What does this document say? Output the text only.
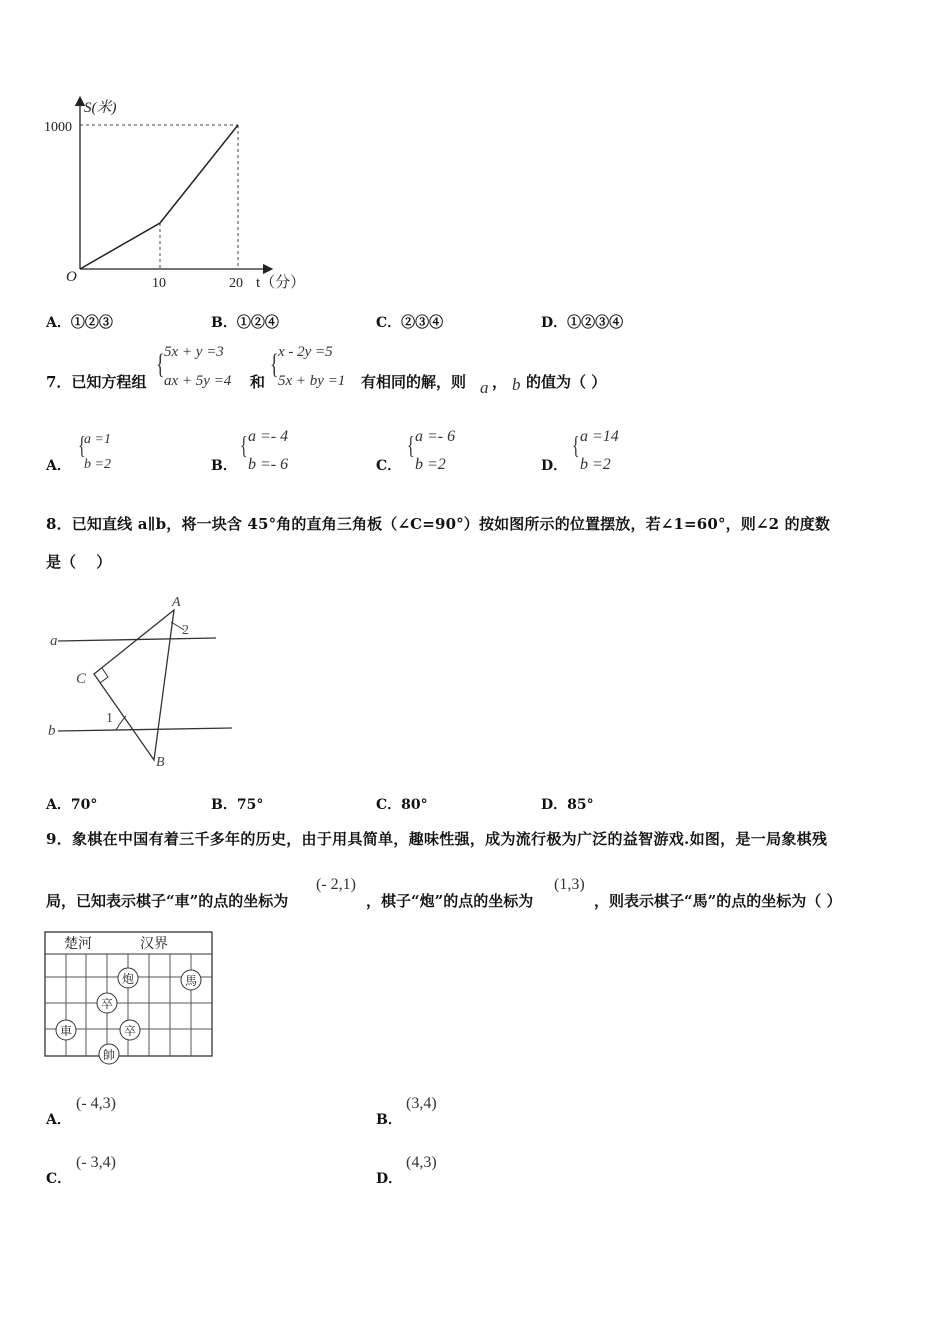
S(米)
1000
O	10	20 t（分）
A．①②③	B．①②④	C．②③④	D．①②③④
7．已知方程组
{ 5x + y =3
ax + 5y =4 和
{ x - 2y =5
5x + by =1 有相同的解，则 a ， b 的值为（ ）
A．
{
a =1
b =2	B．
{ a =- 4
b =- 6	C．
{ a =- 6
b =2	D．
{ a =14
b =2
8．已知直线 a∥b，将一块含 45°角的直角三角板（∠C=90°）按如图所示的位置摆放，若∠1=60°，则∠2 的度数
是（　 ）
a
b
A
C
B
1
2
A．70°	B．75°	C．80°	D．85°
9．象棋在中国有着三千多年的历史，由于用具简单，趣味性强，成为流行极为广泛的益智游戏.如图，是一局象棋残
局，已知表示棋子“車”的点的坐标为
(- 2,1)
，棋子“炮”的点的坐标为
(1,3)
，则表示棋子“馬”的点的坐标为（ ）
楚河	汉界
炮	馬
卒
車	卒
帥
A．
(- 4,3)
B．
(3,4)
C．
(- 3,4)
D．
(4,3)
